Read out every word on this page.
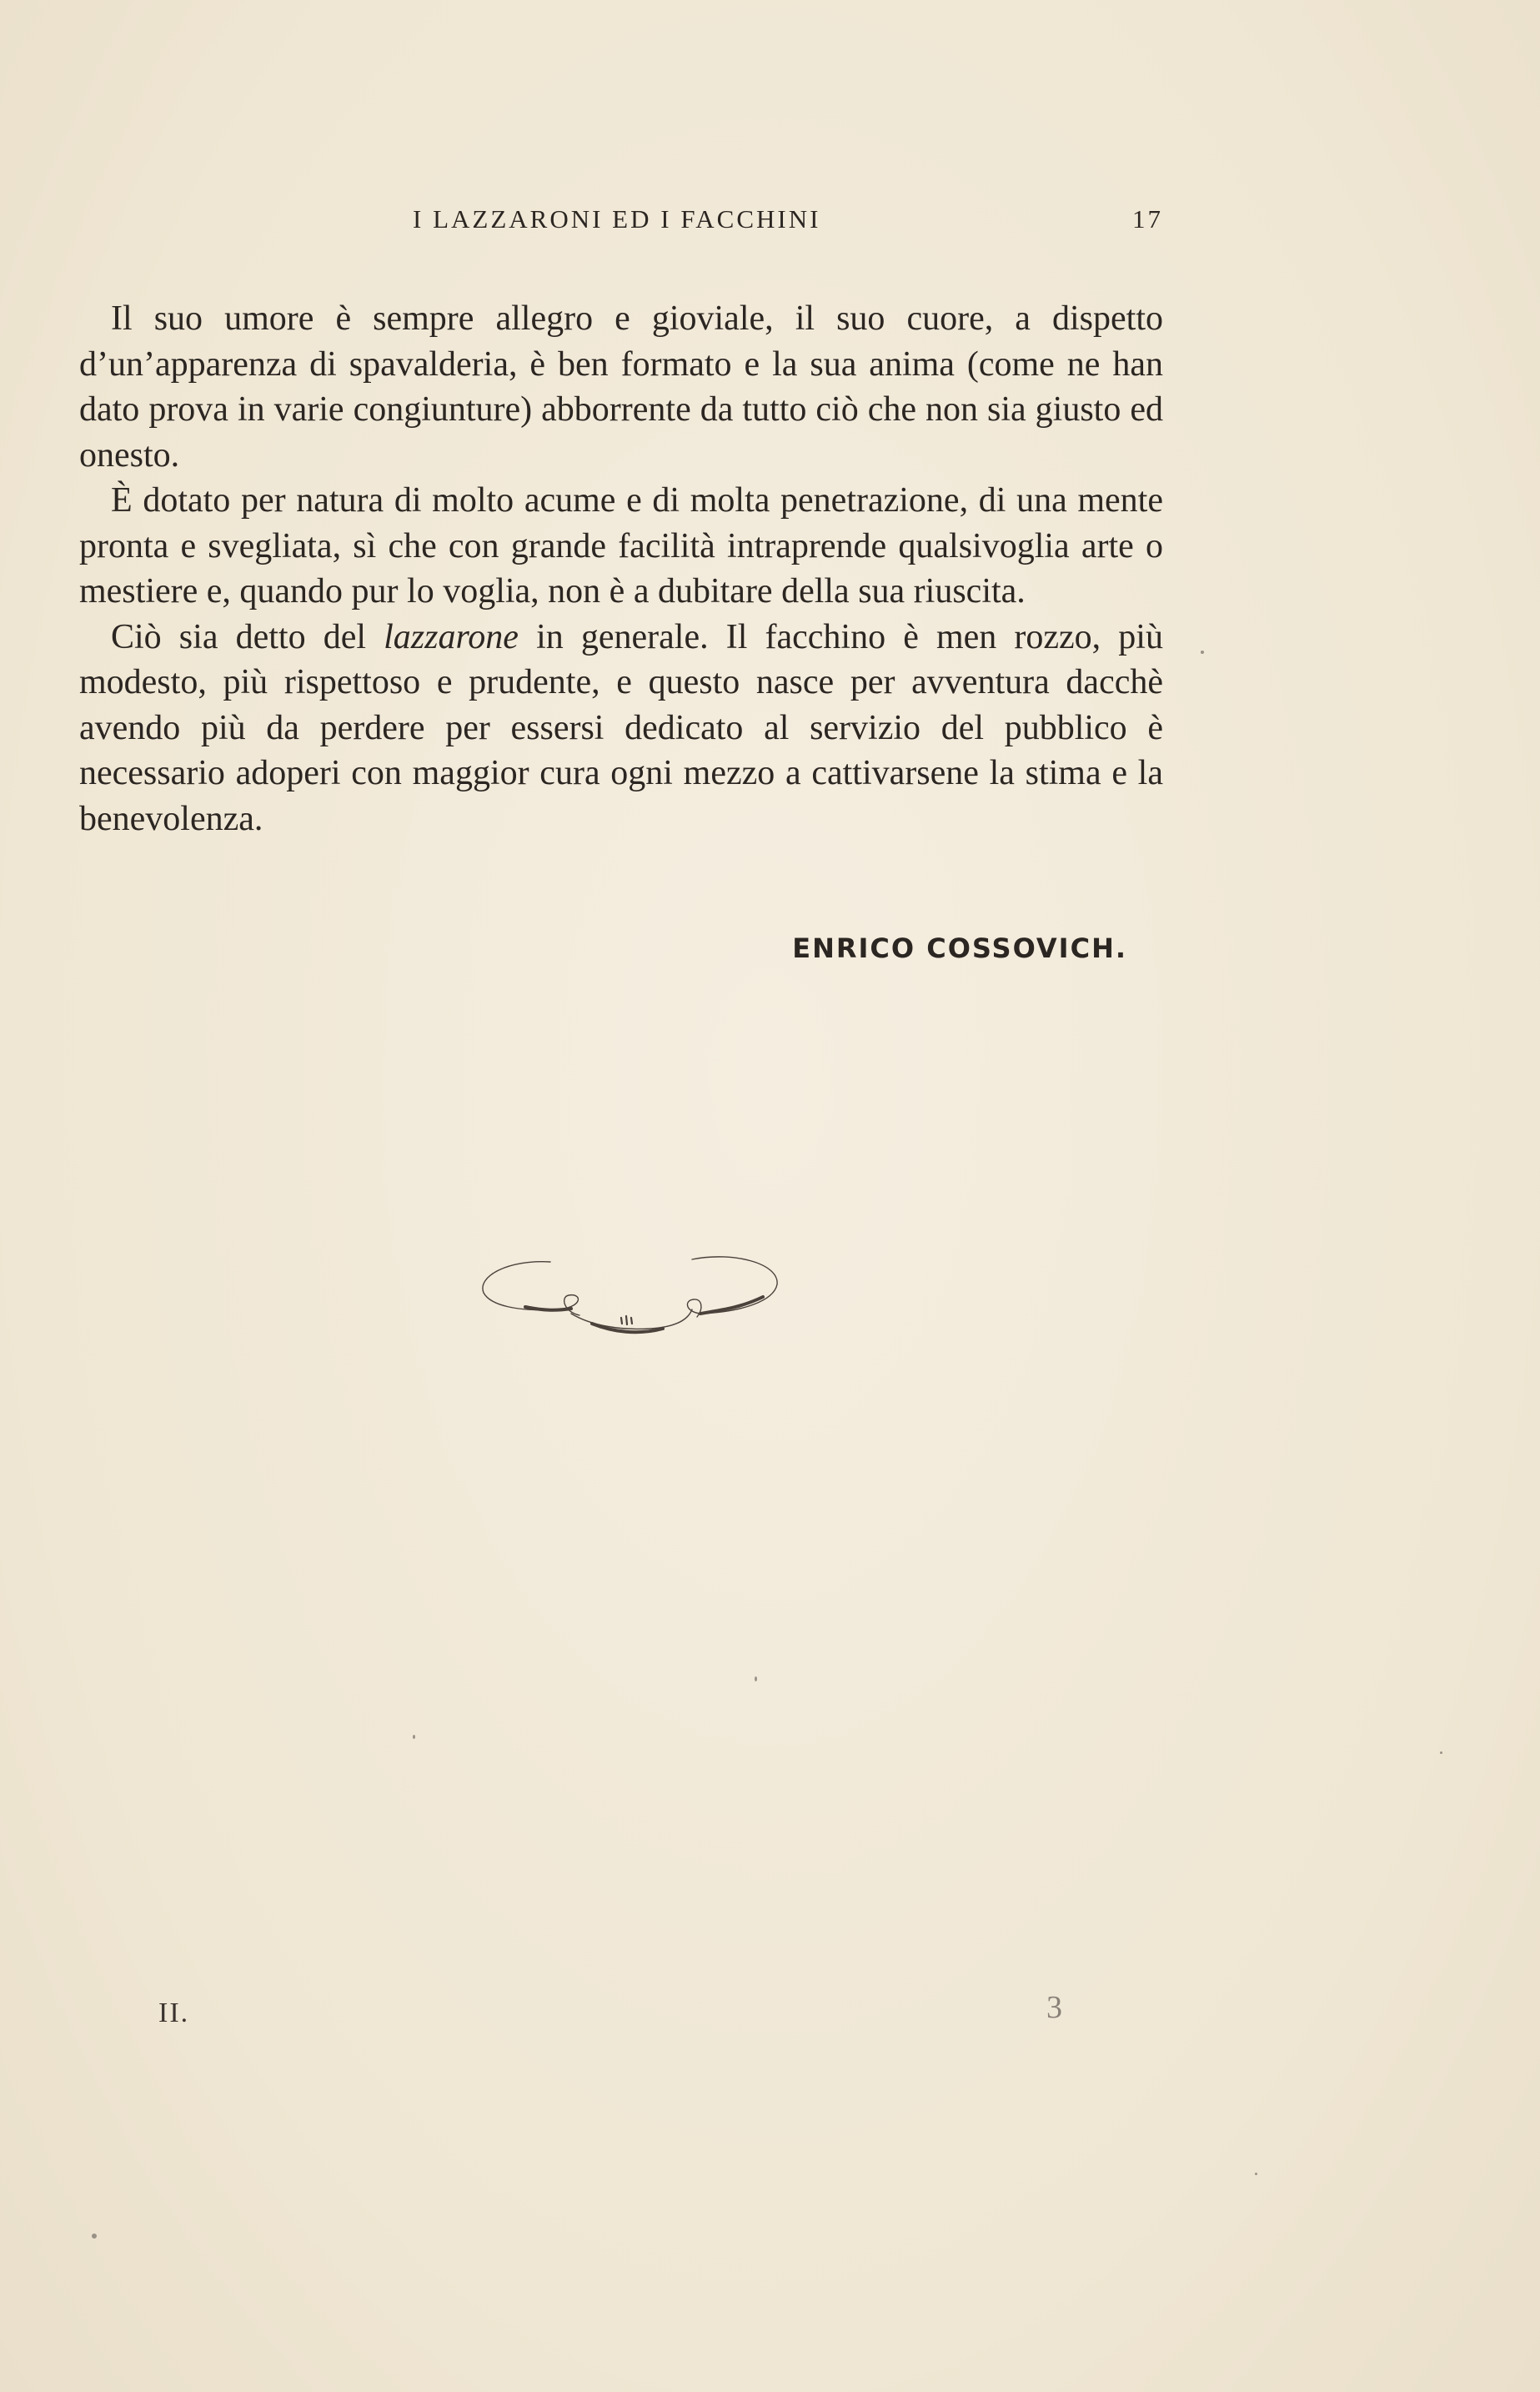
I LAZZARONI ED I FACCHINI	17

Il suo umore è sempre allegro e gioviale, il suo cuore, a dispetto d’un’apparenza di spavalderia, è ben formato e la sua anima (come ne han dato prova in varie congiunture) abborrente da tutto ciò che non sia giusto ed onesto.

È dotato per natura di molto acume e di molta penetrazione, di una mente pronta e svegliata, sì che con grande facilità intraprende qualsivoglia arte o mestiere e, quando pur lo voglia, non è a dubitare della sua riuscita.

Ciò sia detto del lazzarone in generale. Il facchino è men rozzo, più modesto, più rispettoso e prudente, e questo nasce per avventura dacchè avendo più da perdere per essersi dedicato al servizio del pubblico è necessario adoperi con maggior cura ogni mezzo a cattivarsene la stima e la benevolenza.

ENRICO COSSOVICH.
II.	3
